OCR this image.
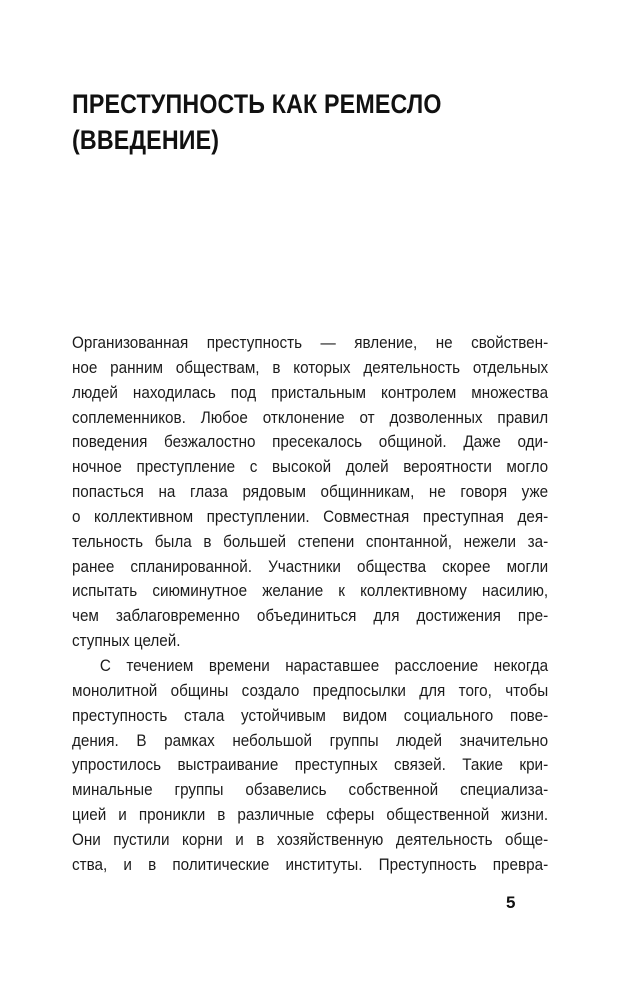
ПРЕСТУПНОСТЬ КАК РЕМЕСЛО
(ВВЕДЕНИЕ)
Организованная преступность — явление, не свойствен-
ное ранним обществам, в которых деятельность отдельных
людей находилась под пристальным контролем множества
соплеменников. Любое отклонение от дозволенных правил
поведения безжалостно пресекалось общиной. Даже оди-
ночное преступление с высокой долей вероятности могло
попасться на глаза рядовым общинникам, не говоря уже
о коллективном преступлении. Совместная преступная дея-
тельность была в большей степени спонтанной, нежели за-
ранее спланированной. Участники общества скорее могли
испытать сиюминутное желание к коллективному насилию,
чем заблаговременно объединиться для достижения пре-
ступных целей.
С течением времени нараставшее расслоение некогда
монолитной общины создало предпосылки для того, чтобы
преступность стала устойчивым видом социального пове-
дения. В рамках небольшой группы людей значительно
упростилось выстраивание преступных связей. Такие кри-
минальные группы обзавелись собственной специализа-
цией и проникли в различные сферы общественной жизни.
Они пустили корни и в хозяйственную деятельность обще-
ства, и в политические институты. Преступность превра-
5
